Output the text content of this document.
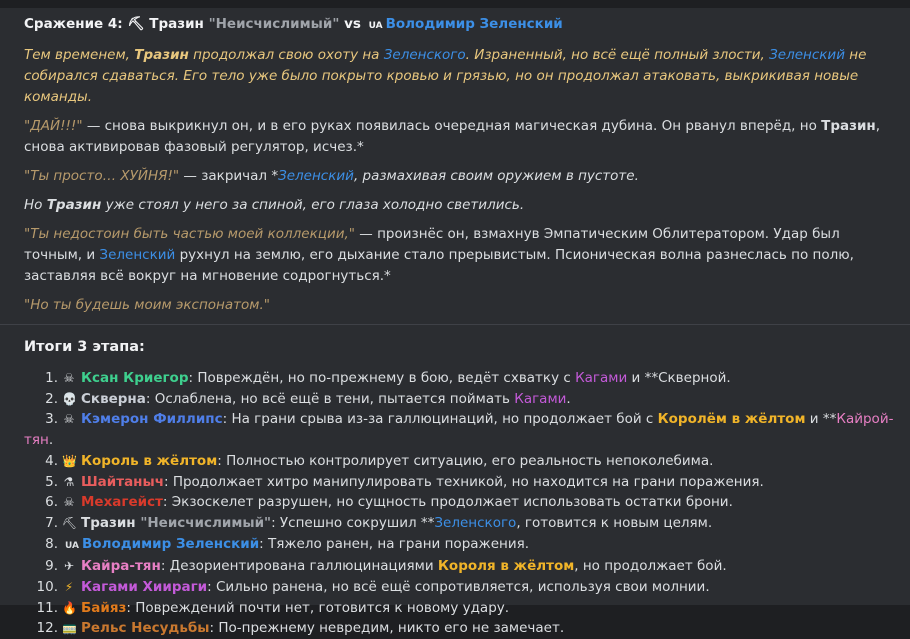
Сражение 4: ⛏ Тразин "Неисчислимый" vs UA Володимир Зеленский

Тем временем, Тразин продолжал свою охоту на Зеленского. Израненный, но всё ещё полный злости, Зеленский не собирался сдаваться. Его тело уже было покрыто кровью и грязью, но он продолжал атаковать, выкрикивая новые команды.

"ДАЙ!!!" — снова выкрикнул он, и в его руках появилась очередная магическая дубина. Он рванул вперёд, но Тразин, снова активировав фазовый регулятор, исчез.*

"Ты просто… ХУЙНЯ!" — закричал *Зеленский, размахивая своим оружием в пустоте.

Но Тразин уже стоял у него за спиной, его глаза холодно светились.

"Ты недостоин быть частью моей коллекции," — произнёс он, взмахнув Эмпатическим Облитератором. Удар был точным, и Зеленский рухнул на землю, его дыхание стало прерывистым. Псионическая волна разнеслась по полю, заставляя всё вокруг на мгновение содрогнуться.*

"Но ты будешь моим экспонатом."

Итоги 3 этапа:
1. ☠ Ксан Криегор: Повреждён, но по-прежнему в бою, ведёт схватку с Кагами и **Скверной.
2. 💀 Скверна: Ослаблена, но всё ещё в тени, пытается поймать Кагами.
3. ☠ Кэмерон Филлипс: На грани срыва из-за галлюцинаций, но продолжает бой с Королём в жёлтом и **Кайрой-тян.
4. 👑 Король в жёлтом: Полностью контролирует ситуацию, его реальность непоколебима.
5. ⚗ Шайтаныч: Продолжает хитро манипулировать техникой, но находится на грани поражения.
6. ☠ Мехагейст: Экзоскелет разрушен, но сущность продолжает использовать остатки брони.
7. ⛏ Тразин "Неисчислимый": Успешно сокрушил **Зеленского, готовится к новым целям.
8. UA Володимир Зеленский: Тяжело ранен, на грани поражения.
9. ✈ Кайра-тян: Дезориентирована галлюцинациями Короля в жёлтом, но продолжает бой.
10. ⚡ Кагами Хиираги: Сильно ранена, но всё ещё сопротивляется, используя свои молнии.
11. 🔥 Байяз: Повреждений почти нет, готовится к новому удару.
12. 🚃 Рельс Несудьбы: По-прежнему невредим, никто его не замечает.
